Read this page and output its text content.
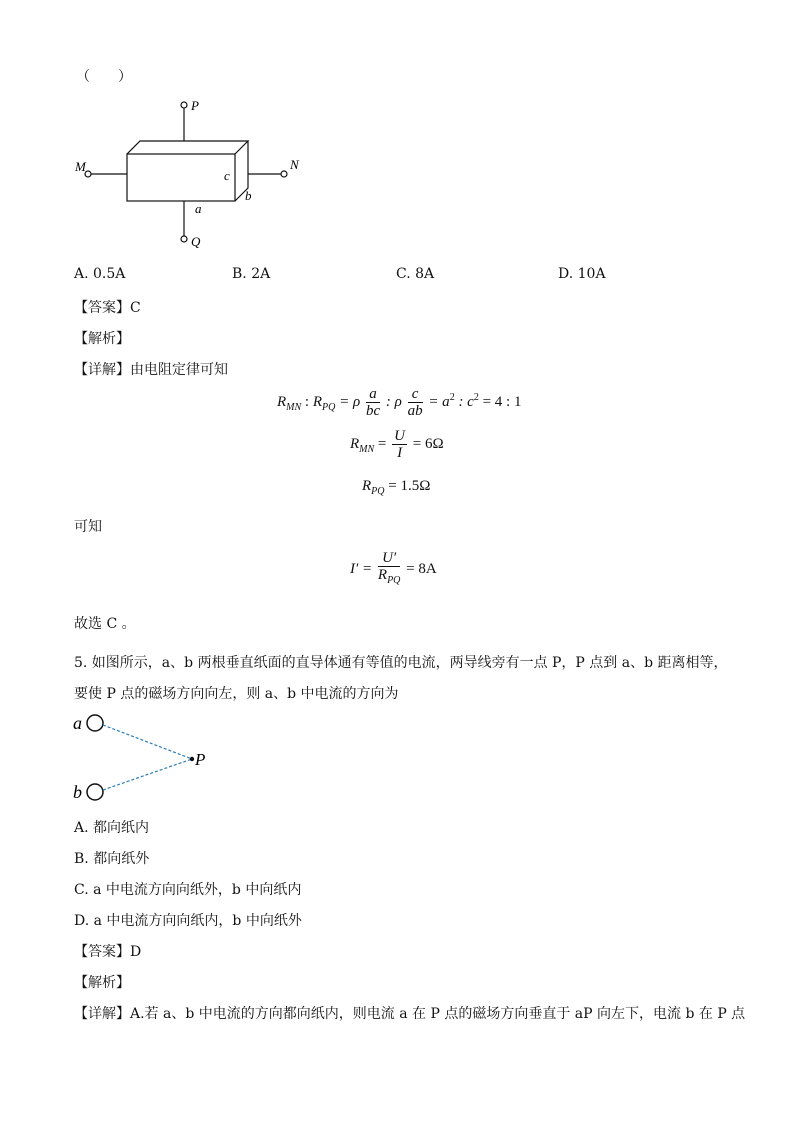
（　　）
P
M	N
Q
a
b
c
A. 0.5A	B. 2A	C. 8A	D. 10A
【答案】C
【解析】
【详解】由电阻定律可知
$R_{MN}$ : $R_{PQ} = \rho \frac{a}{bc}$ : ρ $\frac{c}{ab} = a^2$ : $c^2 = 4$ : 1
$R_{MN} = \frac{U}{I} = 6\Omega$
$R_{PQ} = 1.5\Omega$
可知
$I' = \frac{U'}{R_{PQ}} = 8A$
故选 C 。
5. 如图所示，a、b 两根垂直纸面的直导体通有等值的电流，两导线旁有一点 P，P 点到 a、b 距离相等，
要使 P 点的磁场方向向左，则 a、b 中电流的方向为
a
b
P
A. 都向纸内
B. 都向纸外
C. a 中电流方向向纸外，b 中向纸内
D. a 中电流方向向纸内，b 中向纸外
【答案】D
【解析】
【详解】A.若 a、b 中电流的方向都向纸内，则电流 a 在 P 点的磁场方向垂直于 aP 向左下，电流 b 在 P 点
